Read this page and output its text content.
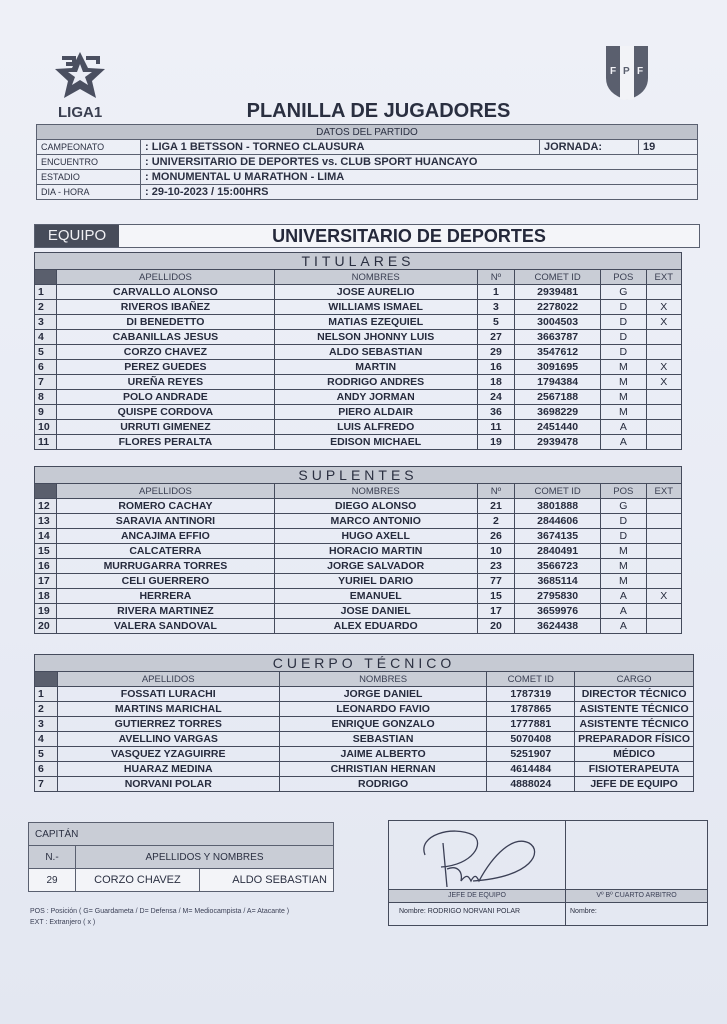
LIGA1
F P F
PLANILLA DE JUGADORES
DATOS DEL PARTIDO			
CAMPEONATO	: LIGA 1 BETSSON - TORNEO CLAUSURA	JORNADA:	19
ENCUENTRO	: UNIVERSITARIO DE DEPORTES vs. CLUB SPORT HUANCAYO		
ESTADIO	: MONUMENTAL U MARATHON - LIMA		
DIA - HORA	: 29-10-2023 / 15:00HRS		
EQUIPO	UNIVERSITARIO DE DEPORTES
TITULARES						
	APELLIDOS	NOMBRES	Nº	COMET ID	POS	EXT
1	CARVALLO ALONSO	JOSE AURELIO	1	2939481	G	
2	RIVEROS IBAÑEZ	WILLIAMS ISMAEL	3	2278022	D	X
3	DI BENEDETTO	MATIAS EZEQUIEL	5	3004503	D	X
4	CABANILLAS JESUS	NELSON JHONNY LUIS	27	3663787	D	
5	CORZO CHAVEZ	ALDO SEBASTIAN	29	3547612	D	
6	PEREZ GUEDES	MARTIN	16	3091695	M	X
7	UREÑA REYES	RODRIGO ANDRES	18	1794384	M	X
8	POLO ANDRADE	ANDY JORMAN	24	2567188	M	
9	QUISPE CORDOVA	PIERO ALDAIR	36	3698229	M	
10	URRUTI GIMENEZ	LUIS ALFREDO	11	2451440	A	
11	FLORES PERALTA	EDISON MICHAEL	19	2939478	A	
SUPLENTES						
	APELLIDOS	NOMBRES	Nº	COMET ID	POS	EXT
12	ROMERO CACHAY	DIEGO ALONSO	21	3801888	G	
13	SARAVIA ANTINORI	MARCO ANTONIO	2	2844606	D	
14	ANCAJIMA EFFIO	HUGO AXELL	26	3674135	D	
15	CALCATERRA	HORACIO MARTIN	10	2840491	M	
16	MURRUGARRA TORRES	JORGE SALVADOR	23	3566723	M	
17	CELI GUERRERO	YURIEL DARIO	77	3685114	M	
18	HERRERA	EMANUEL	15	2795830	A	X
19	RIVERA MARTINEZ	JOSE DANIEL	17	3659976	A	
20	VALERA SANDOVAL	ALEX EDUARDO	20	3624438	A	
CUERPO TÉCNICO				
	APELLIDOS	NOMBRES	COMET ID	CARGO
1	FOSSATI LURACHI	JORGE DANIEL	1787319	DIRECTOR TÉCNICO
2	MARTINS MARICHAL	LEONARDO FAVIO	1787865	ASISTENTE TÉCNICO
3	GUTIERREZ TORRES	ENRIQUE GONZALO	1777881	ASISTENTE TÉCNICO
4	AVELLINO VARGAS	SEBASTIAN	5070408	PREPARADOR FÍSICO
5	VASQUEZ YZAGUIRRE	JAIME ALBERTO	5251907	MÉDICO
6	HUARAZ MEDINA	CHRISTIAN HERNAN	4614484	FISIOTERAPEUTA
7	NORVANI POLAR	RODRIGO	4888024	JEFE DE EQUIPO
CAPITÁN		
N.-	APELLIDOS Y NOMBRES	
29	CORZO CHAVEZ	ALDO SEBASTIAN
POS : Posición ( G= Guardameta / D= Defensa / M= Mediocampista / A= Atacante )
EXT : Extranjero ( x )
JEFE DE EQUIPO
Nombre: RODRIGO NORVANI POLAR
Vº Bº CUARTO ARBITRO
Nombre:
